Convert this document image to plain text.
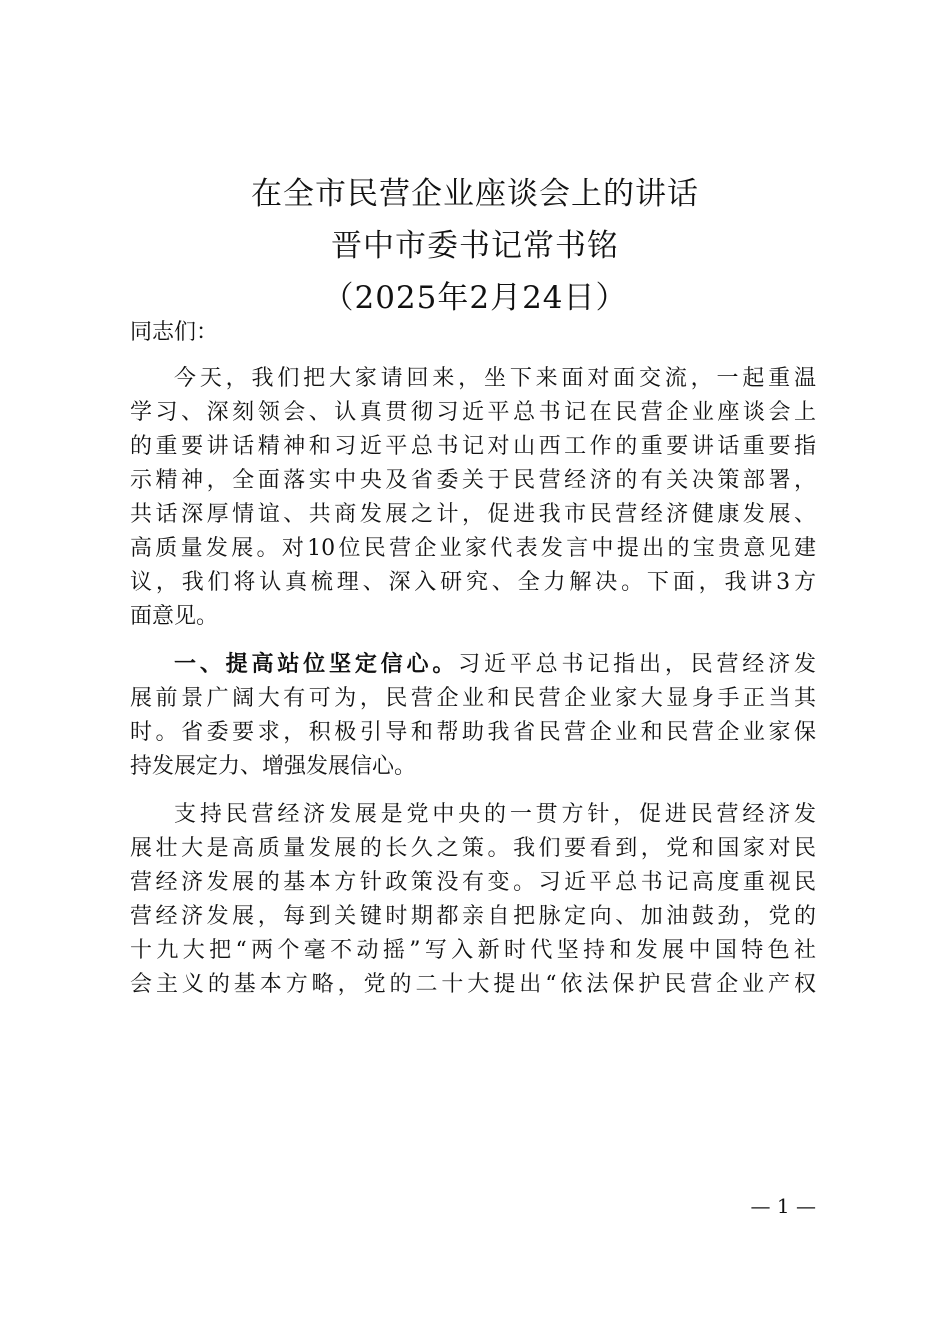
在全市民营企业座谈会上的讲话
晋中市委书记常书铭
（2025年2月24日）
同志们：
今天，我们把大家请回来，坐下来面对面交流，一起重温
学习、深刻领会、认真贯彻习近平总书记在民营企业座谈会上
的重要讲话精神和习近平总书记对山西工作的重要讲话重要指
示精神，全面落实中央及省委关于民营经济的有关决策部署，
共话深厚情谊、共商发展之计，促进我市民营经济健康发展、
高质量发展。对10位民营企业家代表发言中提出的宝贵意见建
议，我们将认真梳理、深入研究、全力解决。下面，我讲3方
面意见。
一、提高站位坚定信心。习近平总书记指出，民营经济发
展前景广阔大有可为，民营企业和民营企业家大显身手正当其
时。省委要求，积极引导和帮助我省民营企业和民营企业家保
持发展定力、增强发展信心。
支持民营经济发展是党中央的一贯方针，促进民营经济发
展壮大是高质量发展的长久之策。我们要看到，党和国家对民
营经济发展的基本方针政策没有变。习近平总书记高度重视民
营经济发展，每到关键时期都亲自把脉定向、加油鼓劲，党的
十九大把“两个毫不动摇”写入新时代坚持和发展中国特色社
会主义的基本方略，党的二十大提出“依法保护民营企业产权
— 1 —
